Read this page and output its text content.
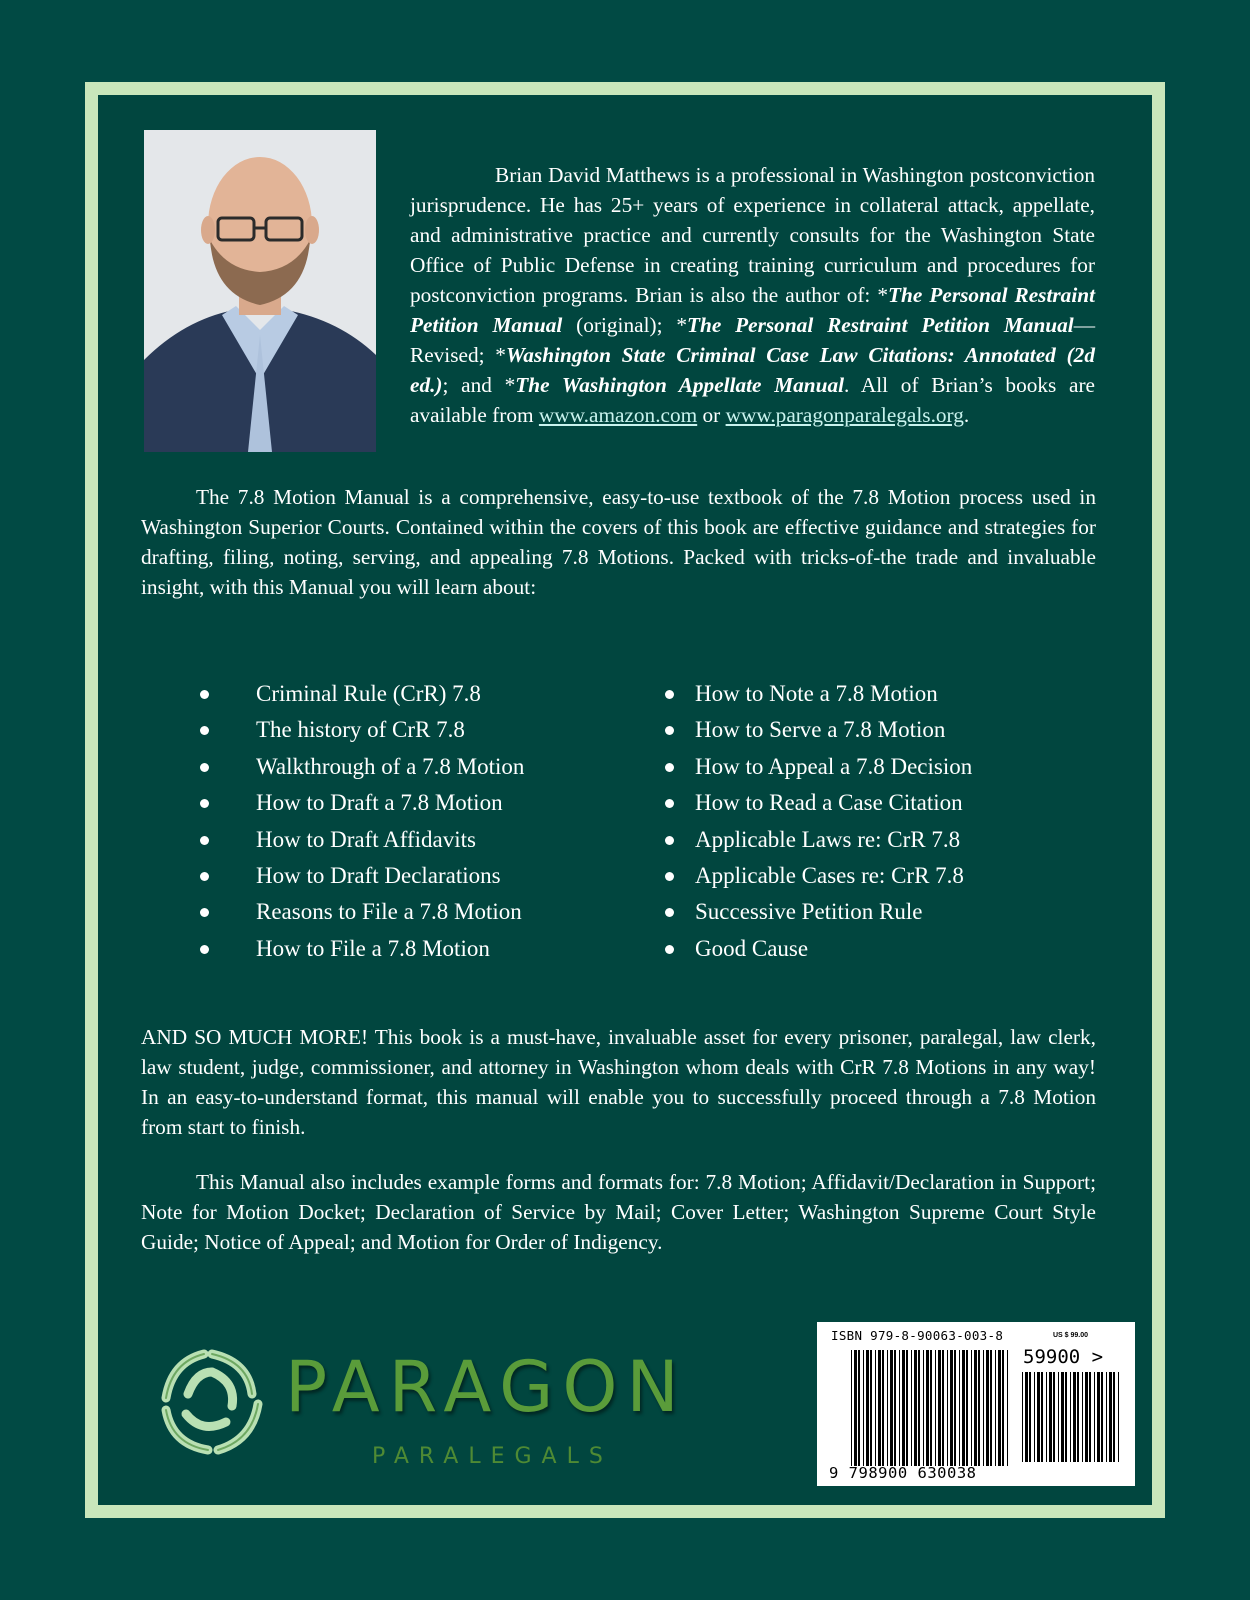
Brian David Matthews is a professional in Washington postconviction jurisprudence. He has 25+ years of experience in collateral attack, appellate, and administrative practice and currently consults for the Washington State Office of Public Defense in creating training curriculum and procedures for postconviction programs. Brian is also the author of: *The Personal Restraint Petition Manual (original); *The Personal Restraint Petition Manual—Revised; *Washington State Criminal Case Law Citations: Annotated (2d ed.); and *The Washington Appellate Manual. All of Brian’s books are available from www.amazon.com or www.paragonparalegals.org.
The 7.8 Motion Manual is a comprehensive, easy-to-use textbook of the 7.8 Motion process used in Washington Superior Courts. Contained within the covers of this book are effective guidance and strategies for drafting, filing, noting, serving, and appealing 7.8 Motions. Packed with tricks-of-the trade and invaluable insight, with this Manual you will learn about:
Criminal Rule (CrR) 7.8
The history of CrR 7.8
Walkthrough of a 7.8 Motion
How to Draft a 7.8 Motion
How to Draft Affidavits
How to Draft Declarations
Reasons to File a 7.8 Motion
How to File a 7.8 Motion
How to Note a 7.8 Motion
How to Serve a 7.8 Motion
How to Appeal a 7.8 Decision
How to Read a Case Citation
Applicable Laws re: CrR 7.8
Applicable Cases re: CrR 7.8
Successive Petition Rule
Good Cause
AND SO MUCH MORE! This book is a must-have, invaluable asset for every prisoner, paralegal, law clerk, law student, judge, commissioner, and attorney in Washington whom deals with CrR 7.8 Motions in any way! In an easy-to-understand format, this manual will enable you to successfully proceed through a 7.8 Motion from start to finish.
This Manual also includes example forms and formats for: 7.8 Motion; Affidavit/Declaration in Support; Note for Motion Docket; Declaration of Service by Mail; Cover Letter; Washington Supreme Court Style Guide; Notice of Appeal; and Motion for Order of Indigency.
PARAGON
PARALEGALS
ISBN 979-8-90063-003-8	US $ 99.00
59900 >
9 798900 630038
